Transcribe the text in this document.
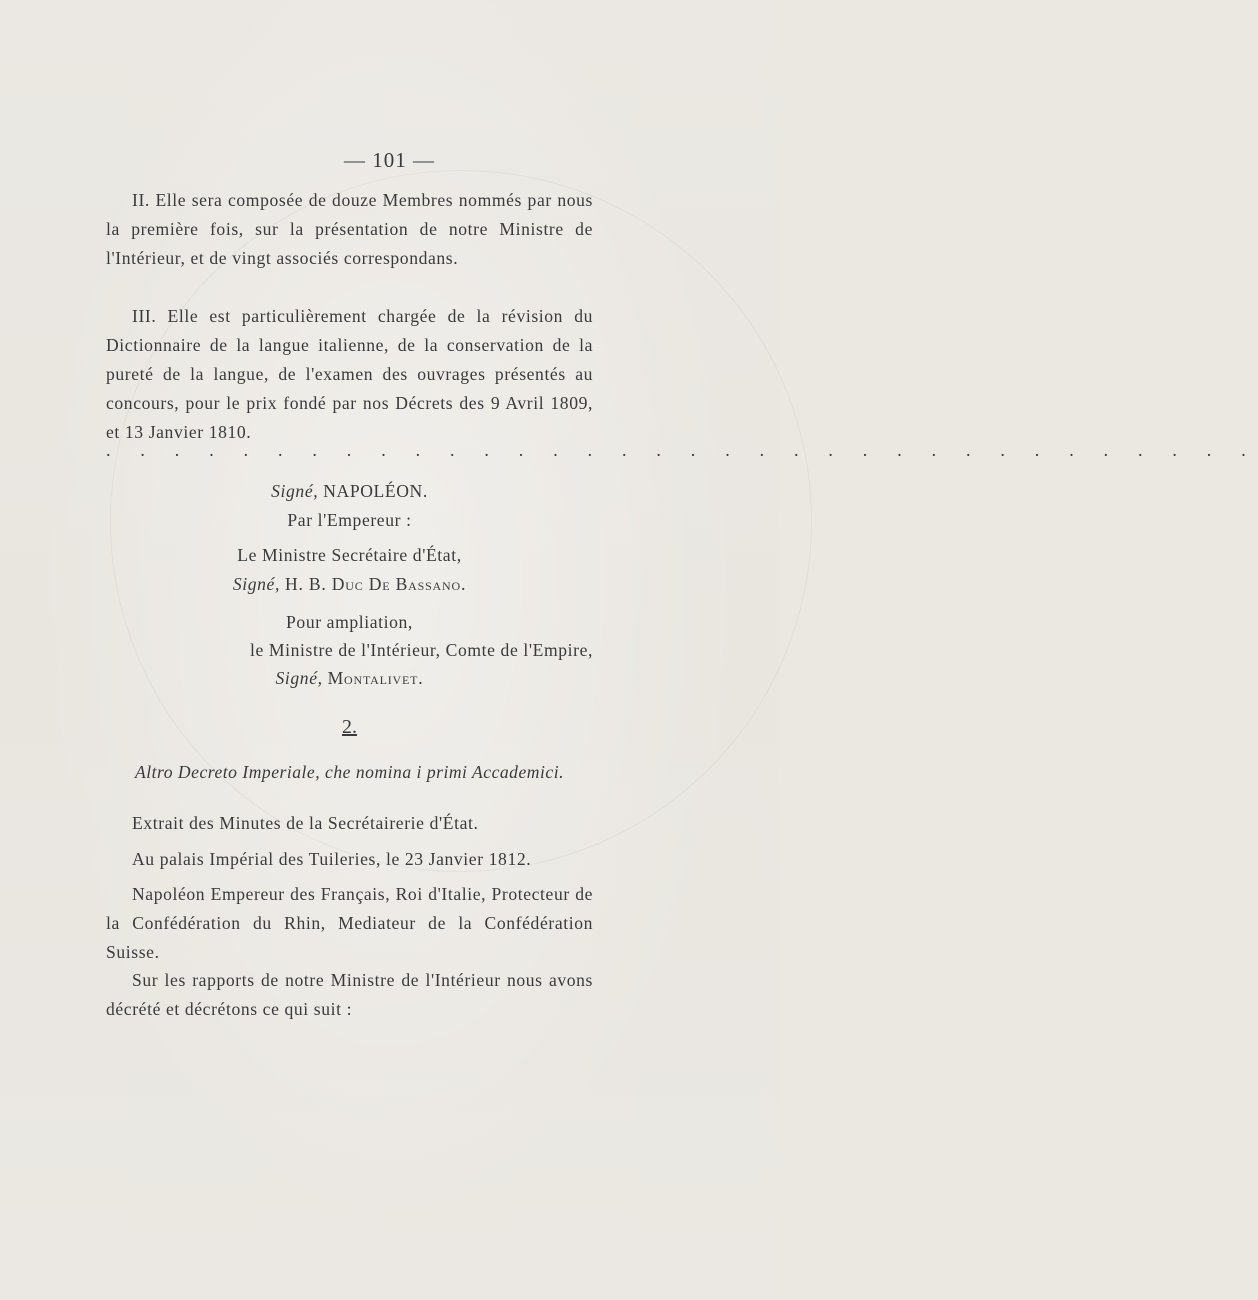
— 101 —

II. Elle sera composée de douze Membres nommés par nous la première fois, sur la présentation de notre Ministre de l'Intérieur, et de vingt associés correspondans.

III. Elle est particulièrement chargée de la révision du Dictionnaire de la langue italienne, de la conservation de la pureté de la langue, de l'examen des ouvrages présentés au concours, pour le prix fondé par nos Décrets des 9 Avril 1809, et 13 Janvier 1810.

. . . . . . . . . . . . . . . . . . . . . . . . . . . . . . . . . .
Signé, NAPOLÉON.
Par l'Empereur :
Le Ministre Secrétaire d'État,
Signé, H. B. Duc De Bassano.
Pour ampliation,
le Ministre de l'Intérieur, Comte de l'Empire,
Signé, Montalivet.
2.
Altro Decreto Imperiale, che nomina i primi Accademici.

Extrait des Minutes de la Secrétairerie d'État.

Au palais Impérial des Tuileries, le 23 Janvier 1812.

Napoléon Empereur des Français, Roi d'Italie, Protecteur de la Confédération du Rhin, Mediateur de la Confédération Suisse.

Sur les rapports de notre Ministre de l'Intérieur nous avons décrété et décrétons ce qui suit :
